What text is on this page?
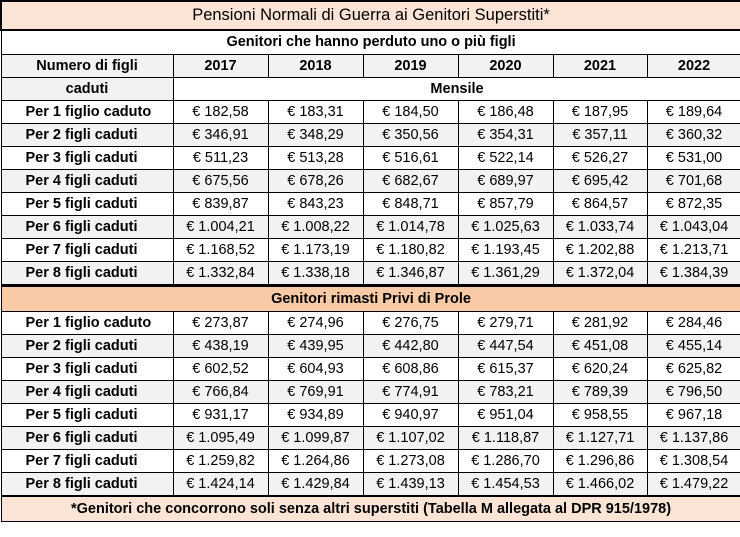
Pensioni Normali di Guerra ai Genitori Superstiti*						
Genitori che hanno perduto uno o più figli						
Numero di figli	2017	2018	2019	2020	2021	2022
caduti	Mensile					
Per 1 figlio caduto	€ 182,58	€ 183,31	€ 184,50	€ 186,48	€ 187,95	€ 189,64
Per 2 figli caduti	€ 346,91	€ 348,29	€ 350,56	€ 354,31	€ 357,11	€ 360,32
Per 3 figli caduti	€ 511,23	€ 513,28	€ 516,61	€ 522,14	€ 526,27	€ 531,00
Per 4 figli caduti	€ 675,56	€ 678,26	€ 682,67	€ 689,97	€ 695,42	€ 701,68
Per 5 figli caduti	€ 839,87	€ 843,23	€ 848,71	€ 857,79	€ 864,57	€ 872,35
Per 6 figli caduti	€ 1.004,21	€ 1.008,22	€ 1.014,78	€ 1.025,63	€ 1.033,74	€ 1.043,04
Per 7 figli caduti	€ 1.168,52	€ 1.173,19	€ 1.180,82	€ 1.193,45	€ 1.202,88	€ 1.213,71
Per 8 figli caduti	€ 1.332,84	€ 1.338,18	€ 1.346,87	€ 1.361,29	€ 1.372,04	€ 1.384,39
Genitori rimasti Privi di Prole						
Per 1 figlio caduto	€ 273,87	€ 274,96	€ 276,75	€ 279,71	€ 281,92	€ 284,46
Per 2 figli caduti	€ 438,19	€ 439,95	€ 442,80	€ 447,54	€ 451,08	€ 455,14
Per 3 figli caduti	€ 602,52	€ 604,93	€ 608,86	€ 615,37	€ 620,24	€ 625,82
Per 4 figli caduti	€ 766,84	€ 769,91	€ 774,91	€ 783,21	€ 789,39	€ 796,50
Per 5 figli caduti	€ 931,17	€ 934,89	€ 940,97	€ 951,04	€ 958,55	€ 967,18
Per 6 figli caduti	€ 1.095,49	€ 1.099,87	€ 1.107,02	€ 1.118,87	€ 1.127,71	€ 1.137,86
Per 7 figli caduti	€ 1.259,82	€ 1.264,86	€ 1.273,08	€ 1.286,70	€ 1.296,86	€ 1.308,54
Per 8 figli caduti	€ 1.424,14	€ 1.429,84	€ 1.439,13	€ 1.454,53	€ 1.466,02	€ 1.479,22
*Genitori che concorrono soli senza altri superstiti (Tabella M allegata al DPR 915/1978)						
